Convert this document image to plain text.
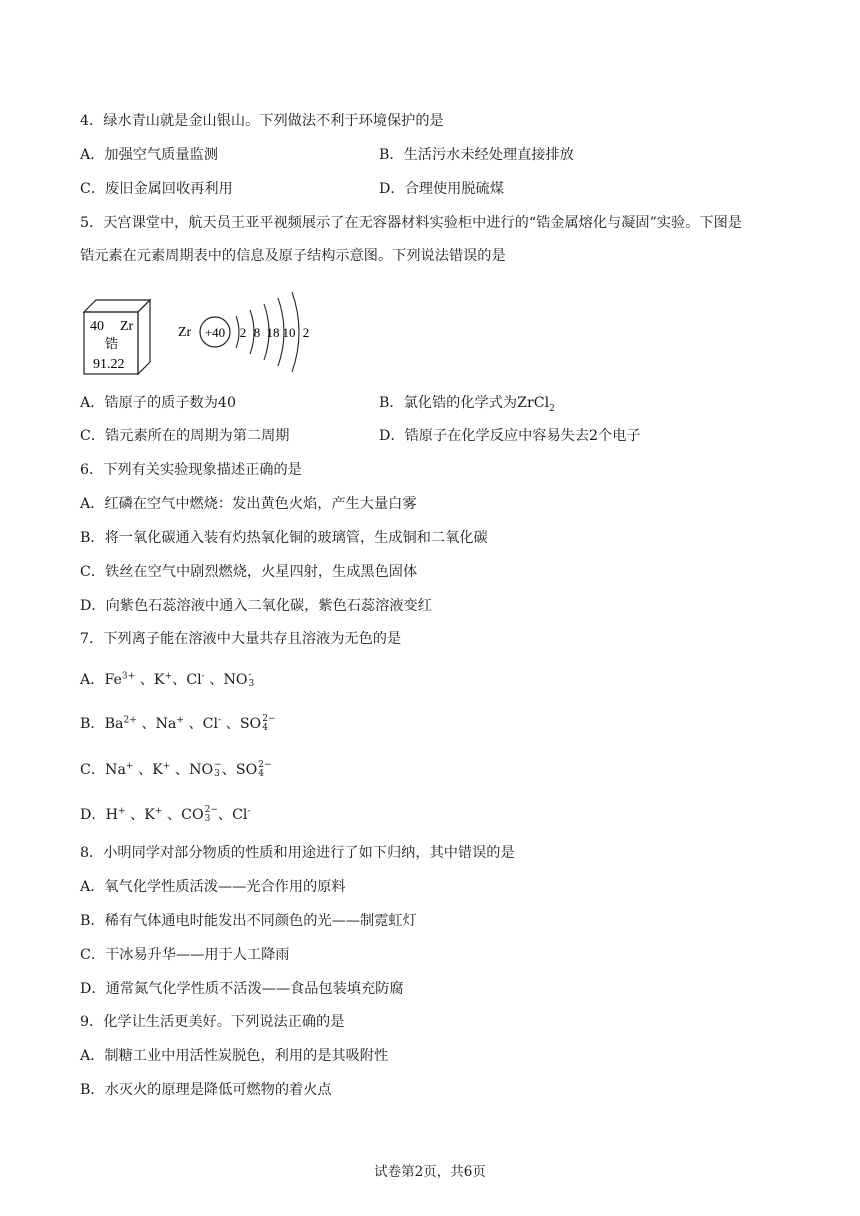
4．绿水青山就是金山银山。下列做法不利于环境保护的是
A．加强空气质量监测	B．生活污水未经处理直接排放
C．废旧金属回收再利用	D．合理使用脱硫煤
5．天宫课堂中，航天员王亚平视频展示了在无容器材料实验柜中进行的“锆金属熔化与凝固”实验。下图是
锆元素在元素周期表中的信息及原子结构示意图。下列说法错误的是
40 Zr
锆
91.22
Zr +40 2 8 18 10 2
A．锆原子的质子数为40	B．氯化锆的化学式为ZrCl$_2$
C．锆元素所在的周期为第二周期	D．锆原子在化学反应中容易失去2个电子
6．下列有关实验现象描述正确的是
A．红磷在空气中燃烧：发出黄色火焰，产生大量白雾
B．将一氧化碳通入装有灼热氧化铜的玻璃管，生成铜和二氧化碳
C．铁丝在空气中剧烈燃烧，火星四射，生成黑色固体
D．向紫色石蕊溶液中通入二氧化碳，紫色石蕊溶液变红
7．下列离子能在溶液中大量共存且溶液为无色的是
A．$Fe^{3+}$ 、K+、Cl- 、NO -
3
B．$Ba^{2+}$ 、Na+ 、Cl- 、SO 2−
4
C．Na+ 、K+ 、NO −
3 、SO 2−
4
D．H+ 、K+ 、CO 2−
3 、Cl-
8．小明同学对部分物质的性质和用途进行了如下归纳，其中错误的是
A．氧气化学性质活泼——光合作用的原料
B．稀有气体通电时能发出不同颜色的光——制霓虹灯
C．干冰易升华——用于人工降雨
D．通常氮气化学性质不活泼——食品包装填充防腐
9．化学让生活更美好。下列说法正确的是
A．制糖工业中用活性炭脱色，利用的是其吸附性
B．水灭火的原理是降低可燃物的着火点
试卷第2页，共6页
